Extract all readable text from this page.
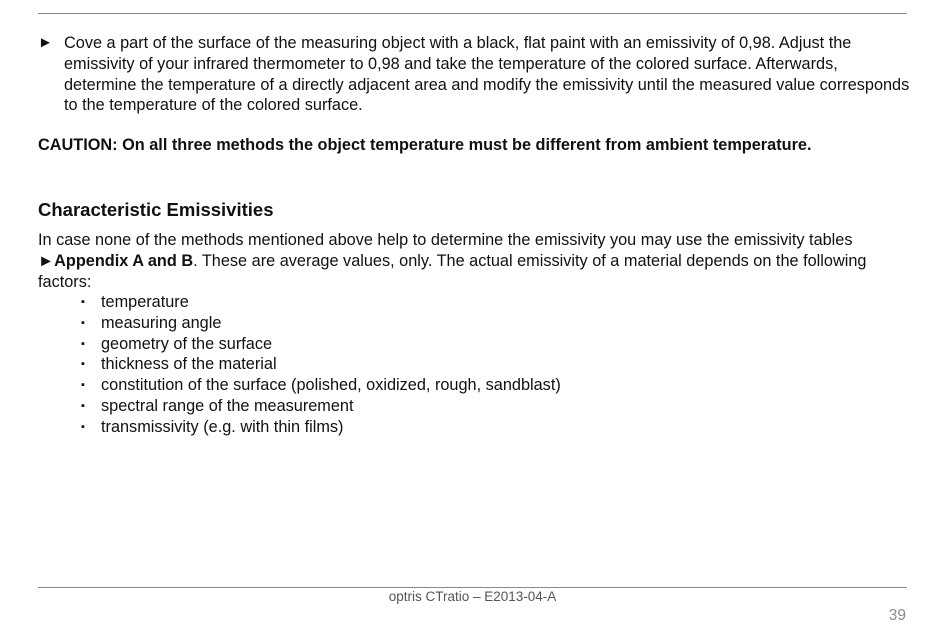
► Cove a part of the surface of the measuring object with a black, flat paint with an emissivity of 0,98. Adjust the emissivity of your infrared thermometer to 0,98 and take the temperature of the colored surface. Afterwards, determine the temperature of a directly adjacent area and modify the emissivity until the measured value corresponds to the temperature of the colored surface.
CAUTION: On all three methods the object temperature must be different from ambient temperature.
Characteristic Emissivities
In case none of the methods mentioned above help to determine the emissivity you may use the emissivity tables ►Appendix A and B. These are average values, only. The actual emissivity of a material depends on the following factors:
▪ temperature
▪ measuring angle
▪ geometry of the surface
▪ thickness of the material
▪ constitution of the surface (polished, oxidized, rough, sandblast)
▪ spectral range of the measurement
▪ transmissivity (e.g. with thin films)
optris CTratio – E2013-04-A
39
